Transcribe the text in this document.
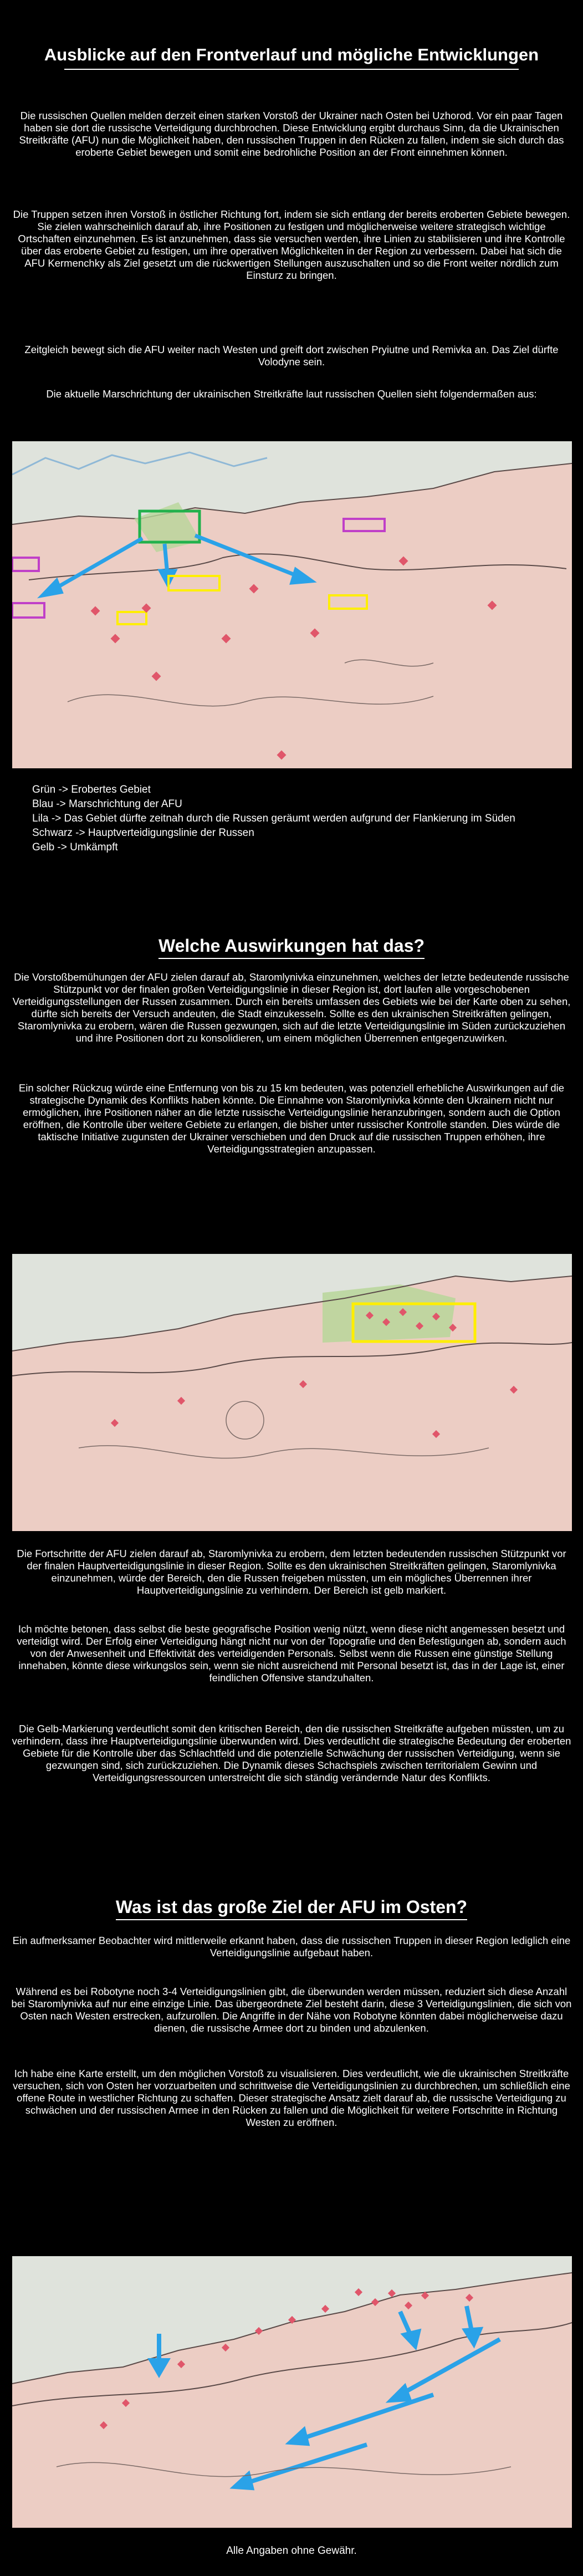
Ausblicke auf den Frontverlauf und mögliche Entwicklungen

Die russischen Quellen melden derzeit einen starken Vorstoß der Ukrainer nach Osten bei Uzhorod. Vor ein paar Tagen haben sie dort die russische Verteidigung durchbrochen. Diese Entwicklung ergibt durchaus Sinn, da die Ukrainischen Streitkräfte (AFU) nun die Möglichkeit haben, den russischen Truppen in den Rücken zu fallen, indem sie sich durch das eroberte Gebiet bewegen und somit eine bedrohliche Position an der Front einnehmen können.

Die Truppen setzen ihren Vorstoß in östlicher Richtung fort, indem sie sich entlang der bereits eroberten Gebiete bewegen. Sie zielen wahrscheinlich darauf ab, ihre Positionen zu festigen und möglicherweise weitere strategisch wichtige Ortschaften einzunehmen. Es ist anzunehmen, dass sie versuchen werden, ihre Linien zu stabilisieren und ihre Kontrolle über das eroberte Gebiet zu festigen, um ihre operativen Möglichkeiten in der Region zu verbessern. Dabei hat sich die AFU Kermenchky als Ziel gesetzt um die rückwertigen Stellungen auszuschalten und so die Front weiter nördlich zum Einsturz zu bringen.

Zeitgleich bewegt sich die AFU weiter nach Westen und greift dort zwischen Pryiutne und Remivka an. Das Ziel dürfte Volodyne sein.

Die aktuelle Marschrichtung der ukrainischen Streitkräfte laut russischen Quellen sieht folgendermaßen aus:

Grün -> Erobertes Gebiet
Blau -> Marschrichtung der AFU
Lila -> Das Gebiet dürfte zeitnah durch die Russen geräumt werden aufgrund der Flankierung im Süden
Schwarz -> Hauptverteidigungslinie der Russen
Gelb -> Umkämpft
Welche Auswirkungen hat das?

Die Vorstoßbemühungen der AFU zielen darauf ab, Staromlynivka einzunehmen, welches der letzte bedeutende russische Stützpunkt vor der finalen großen Verteidigungslinie in dieser Region ist, dort laufen alle vorgeschobenen Verteidigungsstellungen der Russen zusammen. Durch ein bereits umfassen des Gebiets wie bei der Karte oben zu sehen, dürfte sich bereits der Versuch andeuten, die Stadt einzukesseln. Sollte es den ukrainischen Streitkräften gelingen, Staromlynivka zu erobern, wären die Russen gezwungen, sich auf die letzte Verteidigungslinie im Süden zurückzuziehen und ihre Positionen dort zu konsolidieren, um einem möglichen Überrennen entgegenzuwirken.

Ein solcher Rückzug würde eine Entfernung von bis zu 15 km bedeuten, was potenziell erhebliche Auswirkungen auf die strategische Dynamik des Konflikts haben könnte. Die Einnahme von Staromlynivka könnte den Ukrainern nicht nur ermöglichen, ihre Positionen näher an die letzte russische Verteidigungslinie heranzubringen, sondern auch die Option eröffnen, die Kontrolle über weitere Gebiete zu erlangen, die bisher unter russischer Kontrolle standen. Dies würde die taktische Initiative zugunsten der Ukrainer verschieben und den Druck auf die russischen Truppen erhöhen, ihre Verteidigungsstrategien anzupassen.

Die Fortschritte der AFU zielen darauf ab, Staromlynivka zu erobern, dem letzten bedeutenden russischen Stützpunkt vor der finalen Hauptverteidigungslinie in dieser Region. Sollte es den ukrainischen Streitkräften gelingen, Staromlynivka einzunehmen, würde der Bereich, den die Russen freigeben müssten, um ein mögliches Überrennen ihrer Hauptverteidigungslinie zu verhindern. Der Bereich ist gelb markiert.

Ich möchte betonen, dass selbst die beste geografische Position wenig nützt, wenn diese nicht angemessen besetzt und verteidigt wird. Der Erfolg einer Verteidigung hängt nicht nur von der Topografie und den Befestigungen ab, sondern auch von der Anwesenheit und Effektivität des verteidigenden Personals. Selbst wenn die Russen eine günstige Stellung innehaben, könnte diese wirkungslos sein, wenn sie nicht ausreichend mit Personal besetzt ist, das in der Lage ist, einer feindlichen Offensive standzuhalten.

Die Gelb-Markierung verdeutlicht somit den kritischen Bereich, den die russischen Streitkräfte aufgeben müssten, um zu verhindern, dass ihre Hauptverteidigungslinie überwunden wird. Dies verdeutlicht die strategische Bedeutung der eroberten Gebiete für die Kontrolle über das Schlachtfeld und die potenzielle Schwächung der russischen Verteidigung, wenn sie gezwungen sind, sich zurückzuziehen. Die Dynamik dieses Schachspiels zwischen territorialem Gewinn und Verteidigungsressourcen unterstreicht die sich ständig verändernde Natur des Konflikts.

Was ist das große Ziel der AFU im Osten?

Ein aufmerksamer Beobachter wird mittlerweile erkannt haben, dass die russischen Truppen in dieser Region lediglich eine Verteidigungslinie aufgebaut haben.

Während es bei Robotyne noch 3-4 Verteidigungslinien gibt, die überwunden werden müssen, reduziert sich diese Anzahl bei Staromlynivka auf nur eine einzige Linie. Das übergeordnete Ziel besteht darin, diese 3 Verteidigungslinien, die sich von Osten nach Westen erstrecken, aufzurollen. Die Angriffe in der Nähe von Robotyne könnten dabei möglicherweise dazu dienen, die russische Armee dort zu binden und abzulenken.

Ich habe eine Karte erstellt, um den möglichen Vorstoß zu visualisieren. Dies verdeutlicht, wie die ukrainischen Streitkräfte versuchen, sich von Osten her vorzuarbeiten und schrittweise die Verteidigungslinien zu durchbrechen, um schließlich eine offene Route in westlicher Richtung zu schaffen. Dieser strategische Ansatz zielt darauf ab, die russische Verteidigung zu schwächen und der russischen Armee in den Rücken zu fallen und die Möglichkeit für weitere Fortschritte in Richtung Westen zu eröffnen.

Alle Angaben ohne Gewähr.
